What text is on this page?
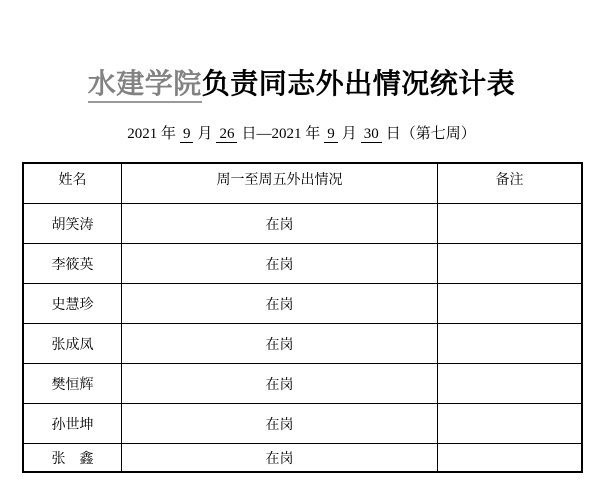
水建学院负责同志外出情况统计表
2021 年 9 月 26 日—2021 年 9 月 30 日（第七周）
姓名	周一至周五外出情况	备注
胡笑涛	在岗	
李筱英	在岗	
史慧珍	在岗	
张成凤	在岗	
樊恒辉	在岗	
孙世坤	在岗	
张　鑫	在岗	
